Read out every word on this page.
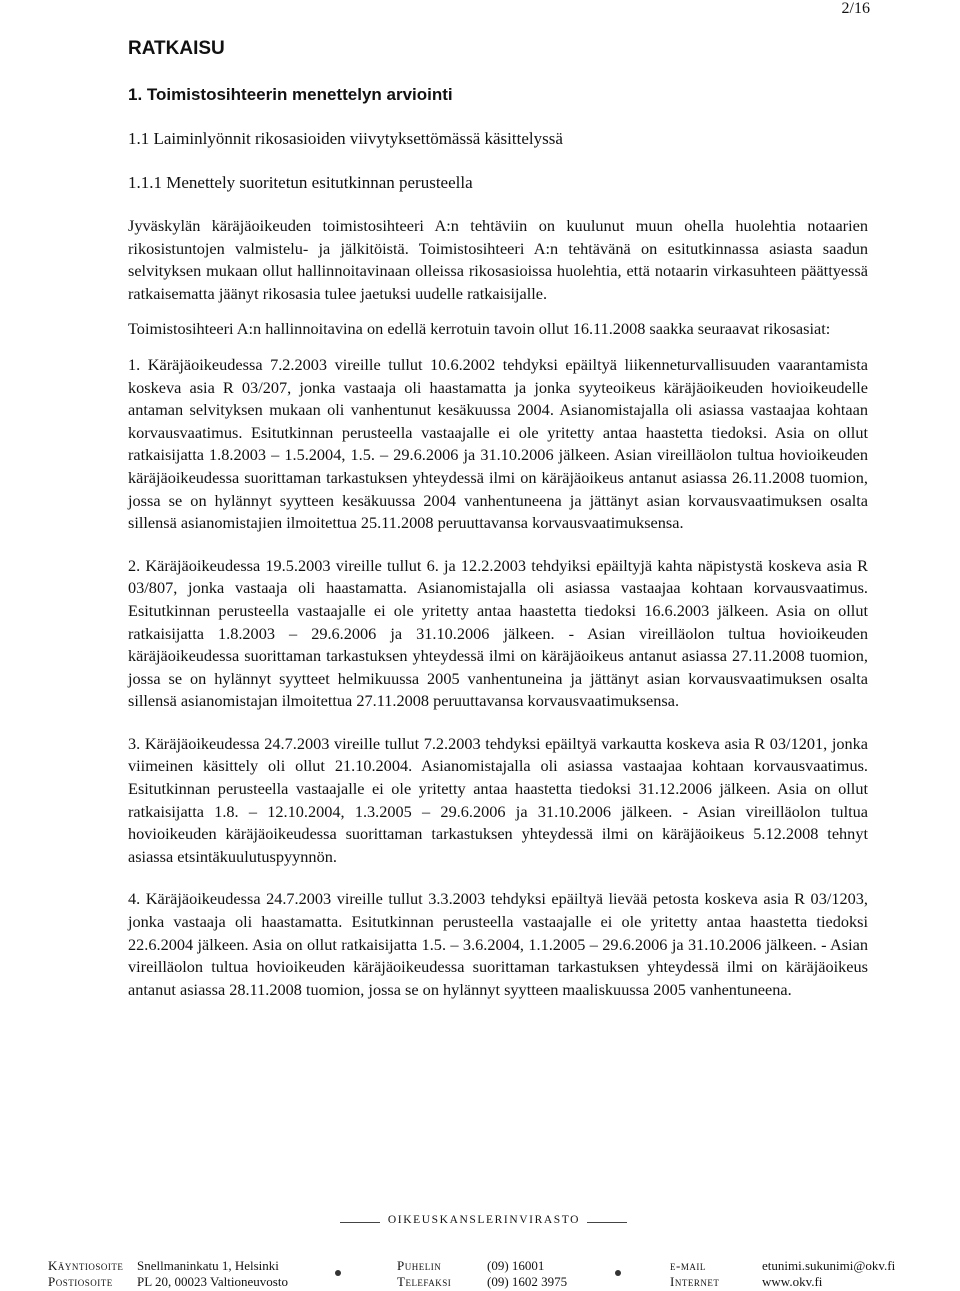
2/16
RATKAISU
1. Toimistosihteerin menettelyn arviointi
1.1 Laiminlyönnit rikosasioiden viivytyksettömässä käsittelyssä
1.1.1 Menettely suoritetun esitutkinnan perusteella

Jyväskylän käräjäoikeuden toimistosihteeri A:n tehtäviin on kuulunut muun ohella huolehtia notaarien rikosistuntojen valmistelu- ja jälkitöistä. Toimistosihteeri A:n tehtävänä on esitutkinnassa asiasta saadun selvityksen mukaan ollut hallinnoitavinaan olleissa rikosasioissa huolehtia, että notaarin virkasuhteen päättyessä ratkaisematta jäänyt rikosasia tulee jaetuksi uudelle ratkaisijalle.

Toimistosihteeri A:n hallinnoitavina on edellä kerrotuin tavoin ollut 16.11.2008 saakka seuraavat rikosasiat:

1. Käräjäoikeudessa 7.2.2003 vireille tullut 10.6.2002 tehdyksi epäiltyä liikenneturvallisuuden vaarantamista koskeva asia R 03/207, jonka vastaaja oli haastamatta ja jonka syyteoikeus käräjäoikeuden hovioikeudelle antaman selvityksen mukaan oli vanhentunut kesäkuussa 2004. Asianomistajalla oli asiassa vastaajaa kohtaan korvausvaatimus. Esitutkinnan perusteella vastaajalle ei ole yritetty antaa haastetta tiedoksi. Asia on ollut ratkaisijatta 1.8.2003 – 1.5.2004, 1.5. – 29.6.2006 ja 31.10.2006 jälkeen. Asian vireilläolon tultua hovioikeuden käräjäoikeudessa suorittaman tarkastuksen yhteydessä ilmi on käräjäoikeus antanut asiassa 26.11.2008 tuomion, jossa se on hylännyt syytteen kesäkuussa 2004 vanhentuneena ja jättänyt asian korvausvaatimuksen osalta sillensä asianomistajien ilmoitettua 25.11.2008 peruuttavansa korvausvaatimuksensa.

2. Käräjäoikeudessa 19.5.2003 vireille tullut 6. ja 12.2.2003 tehdyiksi epäiltyjä kahta näpistystä koskeva asia R 03/807, jonka vastaaja oli haastamatta. Asianomistajalla oli asiassa vastaajaa kohtaan korvausvaatimus. Esitutkinnan perusteella vastaajalle ei ole yritetty antaa haastetta tiedoksi 16.6.2003 jälkeen. Asia on ollut ratkaisijatta 1.8.2003 – 29.6.2006 ja 31.10.2006 jälkeen. - Asian vireilläolon tultua hovioikeuden käräjäoikeudessa suorittaman tarkastuksen yhteydessä ilmi on käräjäoikeus antanut asiassa 27.11.2008 tuomion, jossa se on hylännyt syytteet helmikuussa 2005 vanhentuneina ja jättänyt asian korvausvaatimuksen osalta sillensä asianomistajan ilmoitettua 27.11.2008 peruuttavansa korvausvaatimuksensa.

3. Käräjäoikeudessa 24.7.2003 vireille tullut 7.2.2003 tehdyksi epäiltyä varkautta koskeva asia R 03/1201, jonka viimeinen käsittely oli ollut 21.10.2004. Asianomistajalla oli asiassa vastaajaa kohtaan korvausvaatimus. Esitutkinnan perusteella vastaajalle ei ole yritetty antaa haastetta tiedoksi 31.12.2006 jälkeen. Asia on ollut ratkaisijatta 1.8. – 12.10.2004, 1.3.2005 – 29.6.2006 ja 31.10.2006 jälkeen. - Asian vireilläolon tultua hovioikeuden käräjäoikeudessa suorittaman tarkastuksen yhteydessä ilmi on käräjäoikeus 5.12.2008 tehnyt asiassa etsintäkuulutuspyynnön.

4. Käräjäoikeudessa 24.7.2003 vireille tullut 3.3.2003 tehdyksi epäiltyä lievää petosta koskeva asia R 03/1203, jonka vastaaja oli haastamatta. Esitutkinnan perusteella vastaajalle ei ole yritetty antaa haastetta tiedoksi 22.6.2004 jälkeen. Asia on ollut ratkaisijatta 1.5. – 3.6.2004, 1.1.2005 – 29.6.2006 ja 31.10.2006 jälkeen. - Asian vireilläolon tultua hovioikeuden käräjäoikeudessa suorittaman tarkastuksen yhteydessä ilmi on käräjäoikeus antanut asiassa 28.11.2008 tuomion, jossa se on hylännyt syytteen maaliskuussa 2005 vanhentuneena.

OIKEUSKANSLERINVIRASTO
Käyntiosoite Snellmaninkatu 1, Helsinki	Puhelin	(09) 16001	e-mail	etunimi.sukunimi@okv.fi
Postiosoite PL 20, 00023 Valtioneuvosto	Telefaksi	(09) 1602 3975	Internet	www.okv.fi
